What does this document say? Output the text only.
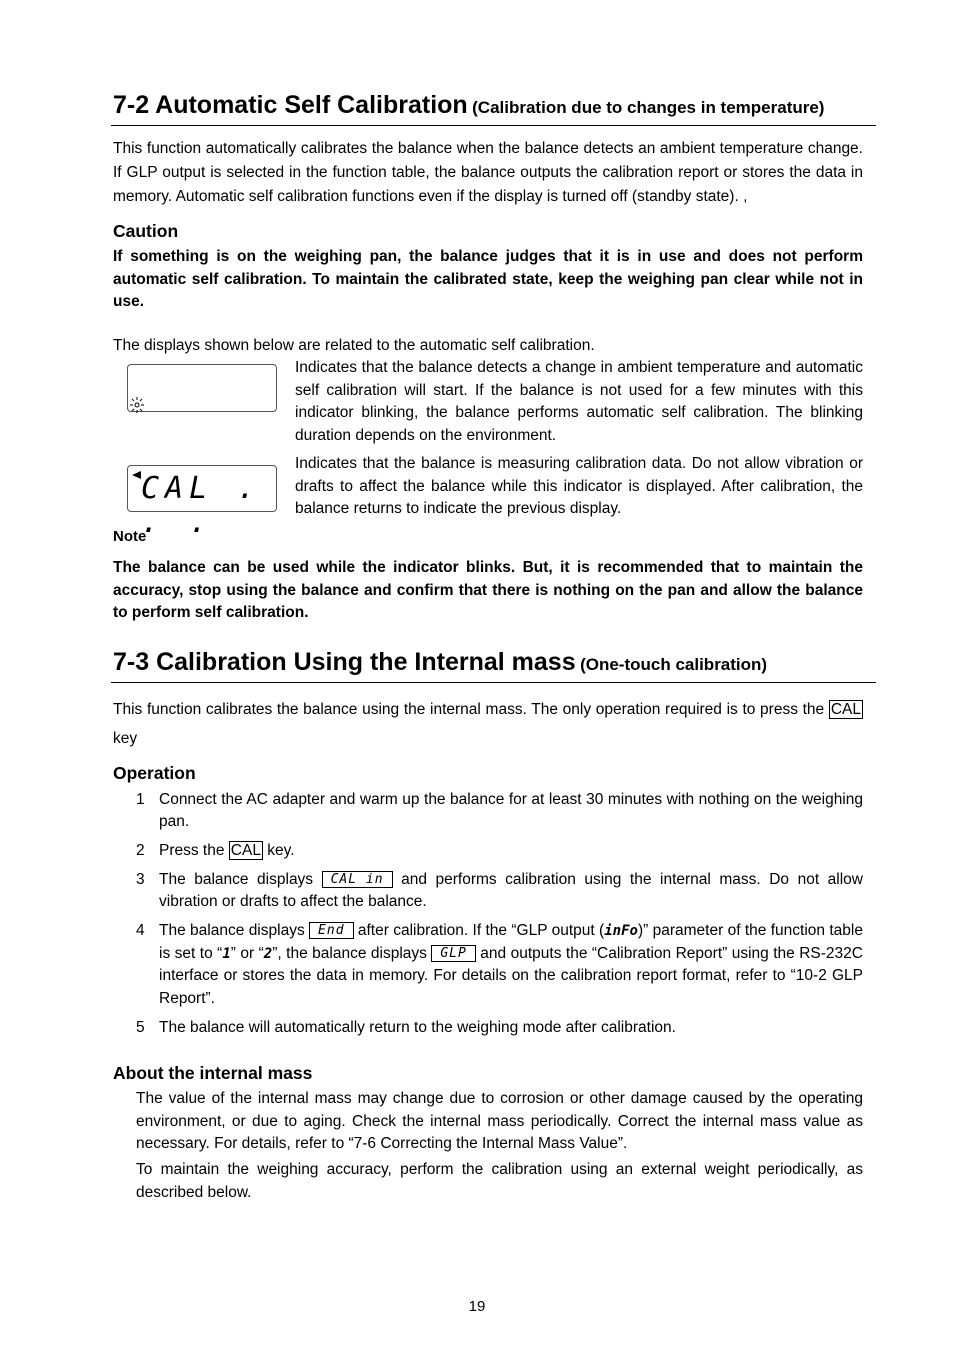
7-2 Automatic Self Calibration (Calibration due to changes in temperature)
This function automatically calibrates the balance when the balance detects an ambient temperature change. If GLP output is selected in the function table, the balance outputs the calibration report or stores the data in memory. Automatic self calibration functions even if the display is turned off (standby state). ,
Caution
If something is on the weighing pan, the balance judges that it is in use and does not perform automatic self calibration. To maintain the calibrated state, keep the weighing pan clear while not in use.
The displays shown below are related to the automatic self calibration.
Indicates that the balance detects a change in ambient temperature and automatic self calibration will start. If the balance is not used for a few minutes with this indicator blinking, the balance performs automatic self calibration. The blinking duration depends on the environment.
CAL . . .
Indicates that the balance is measuring calibration data. Do not allow vibration or drafts to affect the balance while this indicator is displayed. After calibration, the balance returns to indicate the previous display.
Note
The balance can be used while the indicator blinks. But, it is recommended that to maintain the accuracy, stop using the balance and confirm that there is nothing on the pan and allow the balance to perform self calibration.
7-3 Calibration Using the Internal mass (One-touch calibration)
This function calibrates the balance using the internal mass. The only operation required is to press the CAL key
Operation
1 Connect the AC adapter and warm up the balance for at least 30 minutes with nothing on the weighing pan.
2 Press the CAL key.
3 The balance displays CAL in and performs calibration using the internal mass. Do not allow vibration or drafts to affect the balance.
4 The balance displays End after calibration. If the “GLP output (inFo)” parameter of the function table is set to “1” or “2”, the balance displays GLP and outputs the “Calibration Report” using the RS-232C interface or stores the data in memory. For details on the calibration report format, refer to “10-2 GLP Report”.
5 The balance will automatically return to the weighing mode after calibration.
About the internal mass
The value of the internal mass may change due to corrosion or other damage caused by the operating environment, or due to aging. Check the internal mass periodically. Correct the internal mass value as necessary. For details, refer to “7-6 Correcting the Internal Mass Value”.
To maintain the weighing accuracy, perform the calibration using an external weight periodically, as described below.
19
